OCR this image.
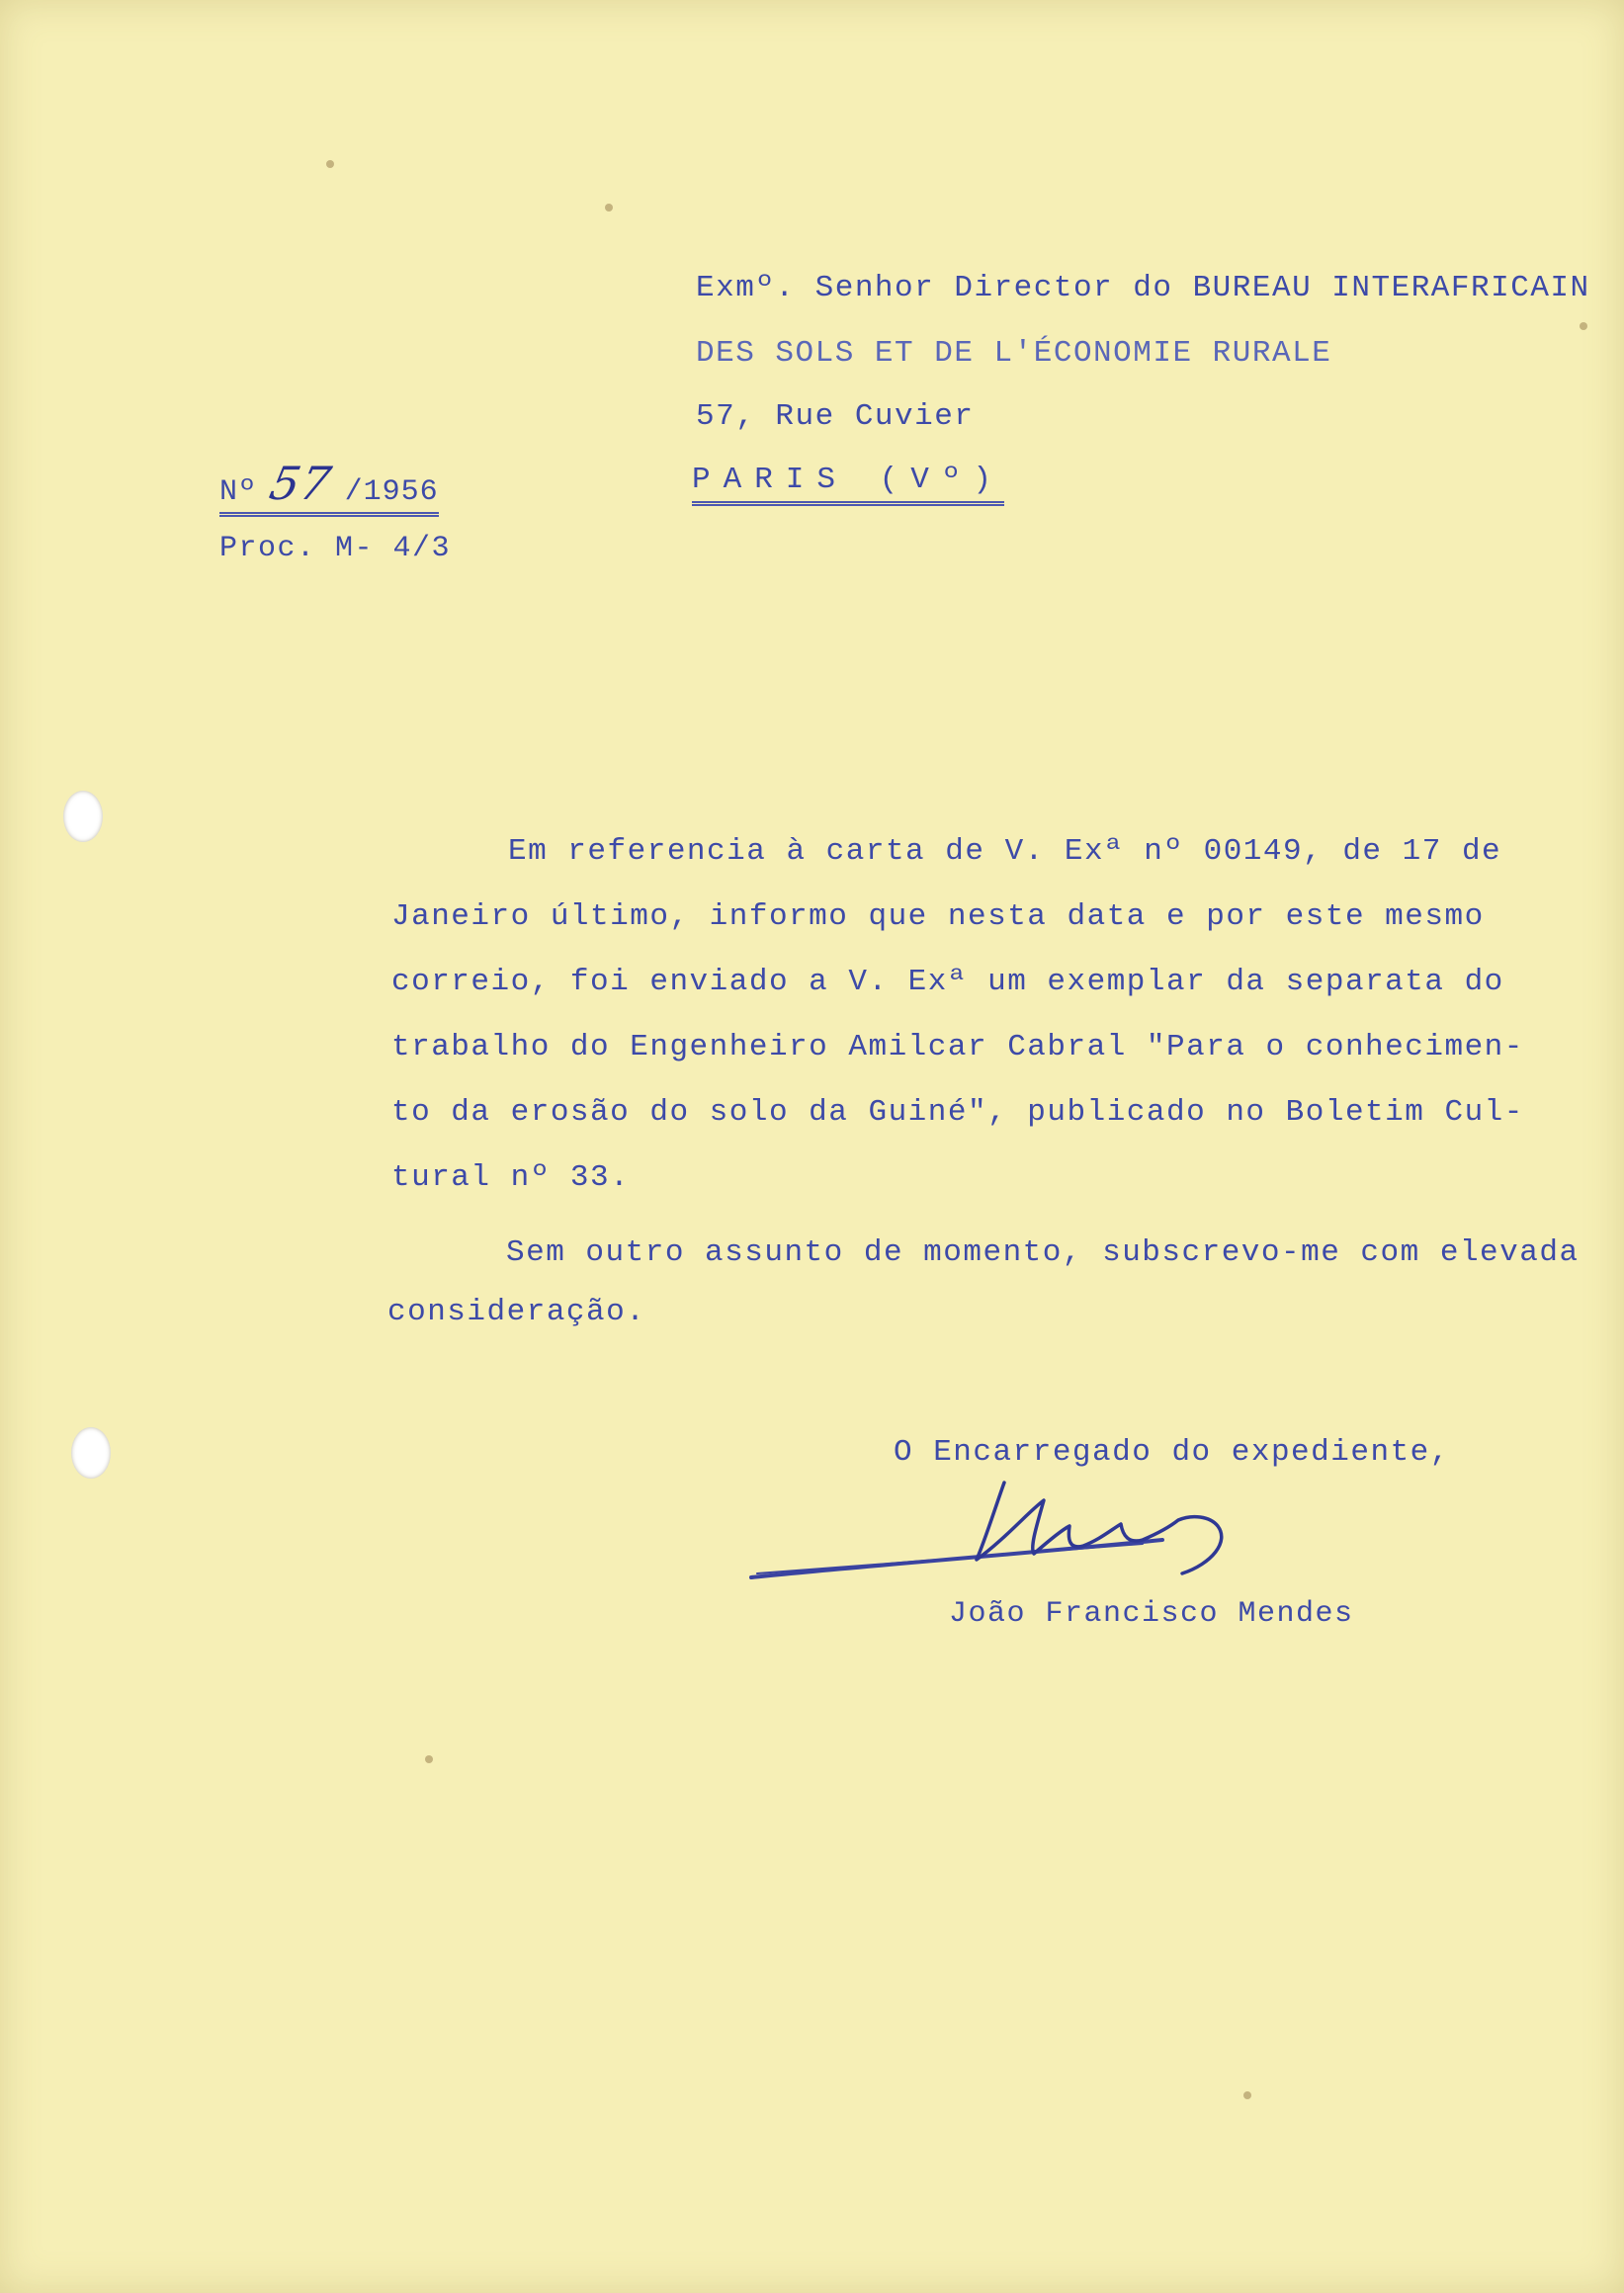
Exmº. Senhor Director do BUREAU INTERAFRICAIN
DES SOLS ET DE L'ÉCONOMIE RURALE
57, Rue Cuvier
PARIS (Vº)
Nº 57 /1956
Proc. M- 4/3
Em referencia à carta de V. Exª nº 00149, de 17 de
Janeiro último, informo que nesta data e por este mesmo
correio, foi enviado a V. Exª um exemplar da separata do
trabalho do Engenheiro Amilcar Cabral "Para o conhecimen-
to da erosão do solo da Guiné", publicado no Boletim Cul-
tural nº 33.
Sem outro assunto de momento, subscrevo-me com elevada
consideração.
O Encarregado do expediente,
João Francisco Mendes
